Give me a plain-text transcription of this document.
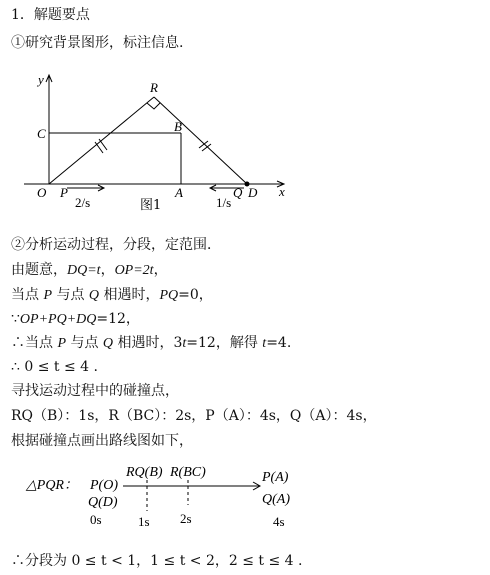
1．解题要点
①研究背景图形，标注信息.
y
x
O
C
R
B
P	A	Q D
2/s	图1	1/s
②分析运动过程，分段，定范围．
由题意，DQ=t，OP=2t，
当点 P 与点 Q 相遇时，PQ=0，
∵OP+PQ+DQ=12，
∴当点 P 与点 Q 相遇时，3t=12，解得 t=4.
∴ 0 ≤ t ≤ 4 .
寻找运动过程中的碰撞点，
RQ（B）：1s，R（BC）：2s，P（A）：4s，Q（A）：4s，
根据碰撞点画出路线图如下，
△PQR： P(O)
Q(D)
RQ(B) R(BC)	P(A)
Q(A)
0s	1s 2s	4s
∴分段为 0 ≤ t < 1，1 ≤ t < 2，2 ≤ t ≤ 4 .
